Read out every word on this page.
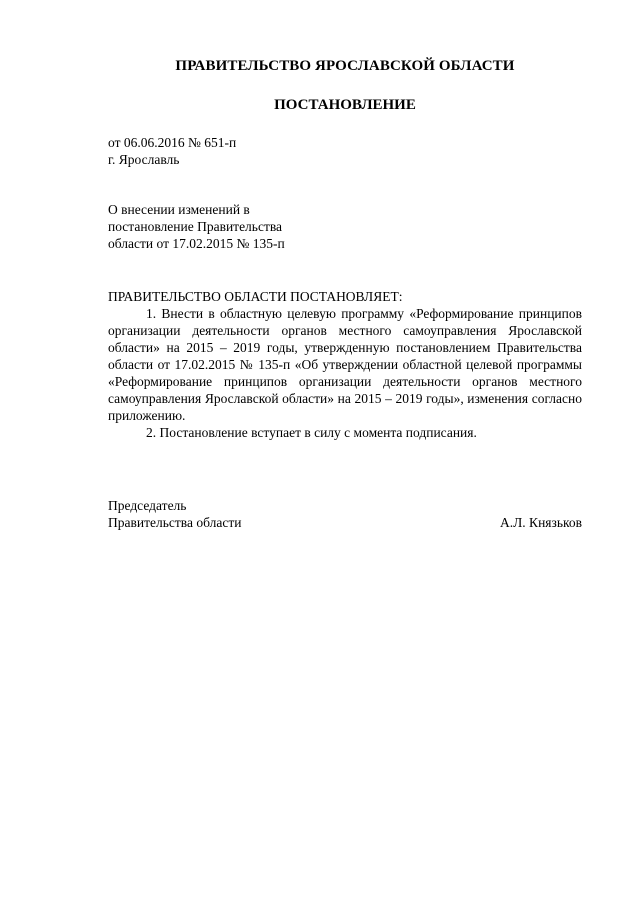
ПРАВИТЕЛЬСТВО ЯРОСЛАВСКОЙ ОБЛАСТИ
ПОСТАНОВЛЕНИЕ
от 06.06.2016 № 651-п
г. Ярославль
О внесении изменений в
постановление Правительства
области от 17.02.2015 № 135-п
ПРАВИТЕЛЬСТВО ОБЛАСТИ ПОСТАНОВЛЯЕТ:

1. Внести в областную целевую программу «Реформирование принципов организации деятельности органов местного самоуправления Ярославской области» на 2015 – 2019 годы, утвержденную постановлением Правительства области от 17.02.2015 № 135-п «Об утверждении областной целевой программы «Реформирование принципов организации деятельности органов местного самоуправления Ярославской области» на 2015 – 2019 годы», изменения согласно приложению.

2. Постановление вступает в силу с момента подписания.

Председатель
Правительства области	А.Л. Князьков
